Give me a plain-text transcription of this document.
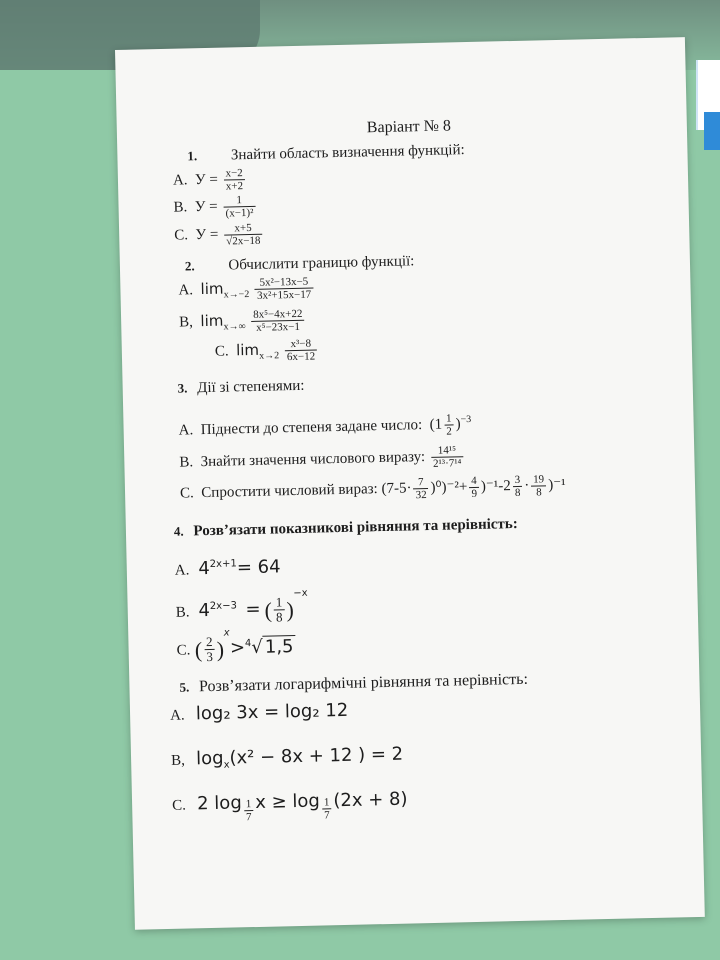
Варіант № 8
1. Знайти область визначення функцій:
А. $У = \frac{x-2}{x+2}$
В. $У = \frac{1}{\text{(x−1)²}}$
С. $У = \frac{x+5}{√2x-18}$
2. Обчислити границю функції:
А. $\lim_{x\to-2} \frac{\text{5x²−13x−5}}{\text{3x²+15x−17}}$
В, $\lim_{x\to\infty} \frac{\text{8x⁵−4x+22}}{\text{x⁵−23x−1}}$
С. $\lim_{x\to 2} \frac{\text{x³−8}}{6x-12}$
3. Дії зі степенями:
А. Піднести до степеня задане число: $(1 \frac{1}{2} )^{-3}$
В. Знайти значення числового виразу: $\frac{\text{14¹⁵}}{\text{2¹³·7¹⁴}}$
С. Спростити числовий вираз: $(7-5\cdot \frac{7}{32} )^0)^{-2}+ \frac{4}{9} )^{-1}-2 \frac{3}{8} \cdot \frac{19}{8} )^{-1}$
4. Розв’язати показникові рівняння та нерівність:
А. $4^{2x+1}= 64$
В. $4^{2x-3}$ = ( $\frac{1}{8} )^{-x}$
С. ( $\frac{2}{3} )^x>^4√1,5$
5. Розв’язати логарифмічні рівняння та нерівність:
А. log₂ 3x = log₂ 12
В, $\log_x(x^2 - 8x + 12$ ) = 2
С. 2 $\log \frac{1}{7}$ $x \ge \log \frac{1}{7} (2x + 8)$
